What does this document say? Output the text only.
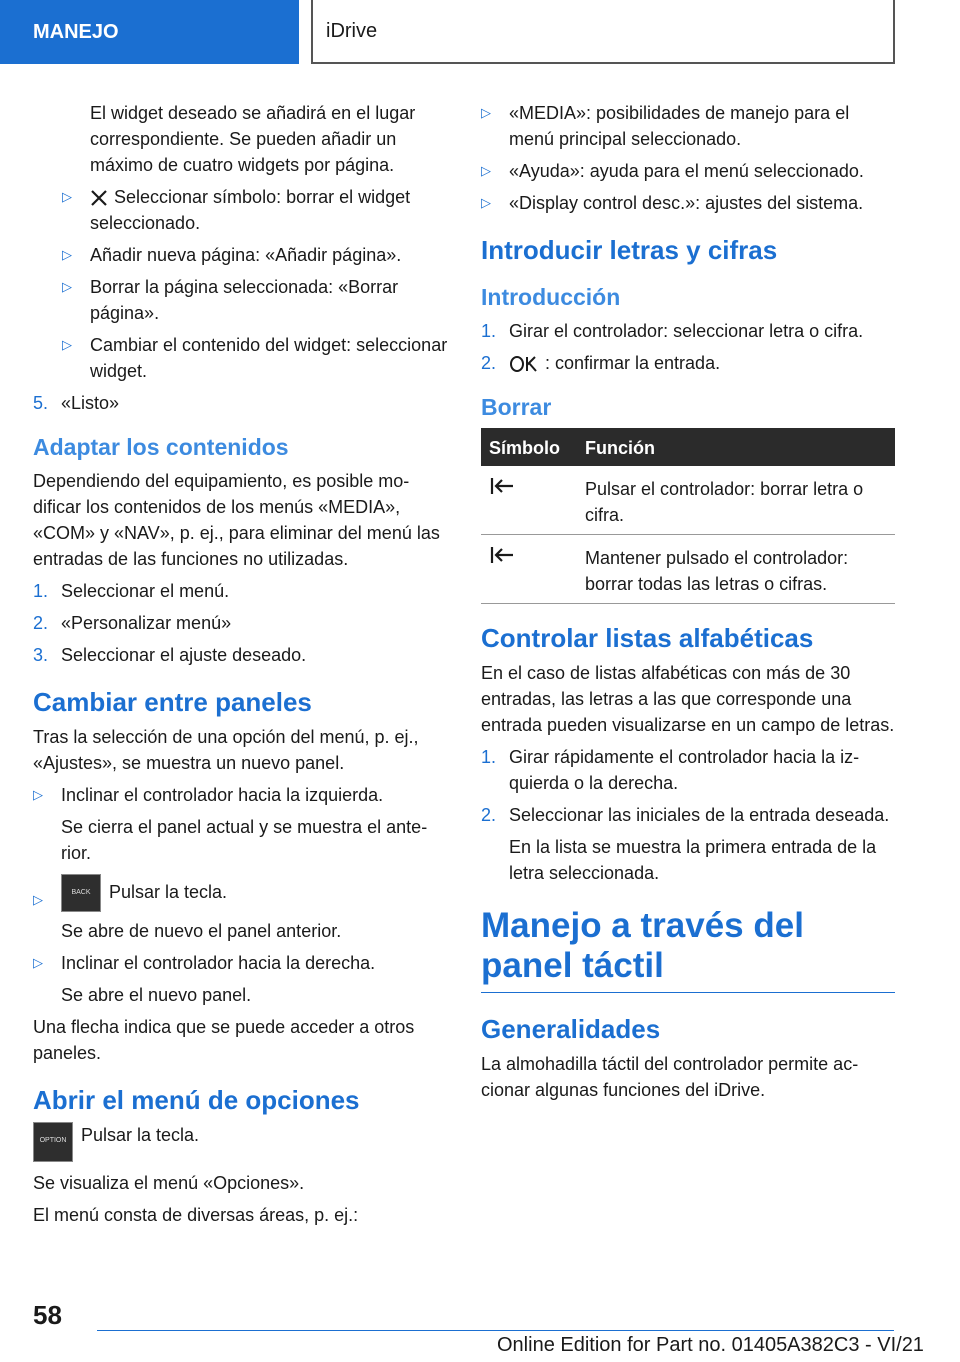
MANEJO	iDrive

El widget deseado se añadirá en el lugar correspondiente. Se pueden añadir un máximo de cuatro widgets por página.

▷ Seleccionar símbolo: borrar el widget seleccionado.
▷ Añadir nueva página: «Añadir página».
▷ Borrar la página seleccionada: «Borrar página».
▷ Cambiar el contenido del widget: seleccionar widget.
5. «Listo»
Adaptar los contenidos

Dependiendo del equipamiento, es posible modificar los contenidos de los menús «MEDIA», «COM» y «NAV», p. ej., para eliminar del menú las entradas de las funciones no utilizadas.

1. Seleccionar el menú.
2. «Personalizar menú»
3. Seleccionar el ajuste deseado.
Cambiar entre paneles

Tras la selección de una opción del menú, p. ej., «Ajustes», se muestra un nuevo panel.

▷ Inclinar el controlador hacia la izquierda.

Se cierra el panel actual y se muestra el anterior.

▷	BACK Pulsar la tecla.

Se abre de nuevo el panel anterior.

▷ Inclinar el controlador hacia la derecha.

Se abre el nuevo panel.

Una flecha indica que se puede acceder a otros paneles.

Abrir el menú de opciones
OPTION Pulsar la tecla.

Se visualiza el menú «Opciones».

El menú consta de diversas áreas, p. ej.:

▷ «MEDIA»: posibilidades de manejo para el menú principal seleccionado.
▷ «Ayuda»: ayuda para el menú seleccionado.
▷ «Display control desc.»: ajustes del sistema.
Introducir letras y cifras
Introducción
1. Girar el controlador: seleccionar letra o cifra.
2.	: confirmar la entrada.
Borrar
Símbolo	Función
	Pulsar el controlador: borrar letra o cifra.
	Mantener pulsado el controlador: borrar todas las letras o cifras.
Controlar listas alfabéticas

En el caso de listas alfabéticas con más de 30 entradas, las letras a las que corresponde una entrada pueden visualizarse en un campo de letras.

1. Girar rápidamente el controlador hacia la izquierda o la derecha.
2. Seleccionar las iniciales de la entrada deseada.

En la lista se muestra la primera entrada de la letra seleccionada.

Manejo a través del panel táctil
Generalidades

La almohadilla táctil del controlador permite accionar algunas funciones del iDrive.

58
Online Edition for Part no. 01405A382C3 - VI/21
